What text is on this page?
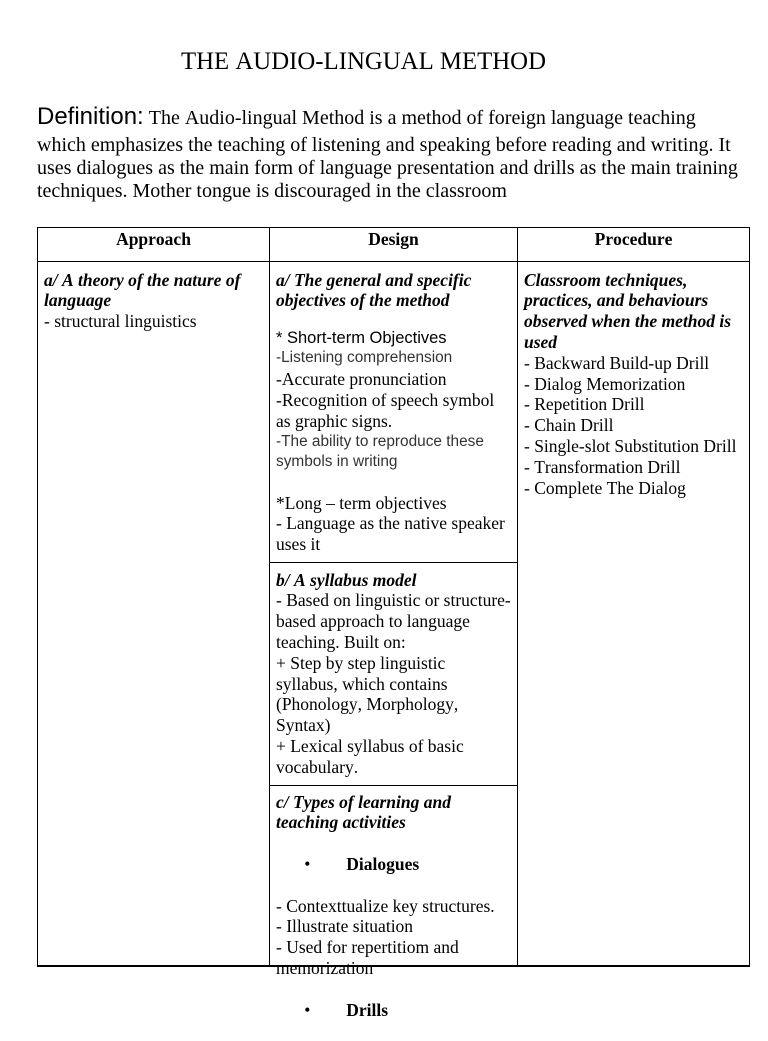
THE AUDIO-LINGUAL METHOD

Definition: The Audio-lingual Method is a method of foreign language teaching
which emphasizes the teaching of listening and speaking before reading and writing. It
uses dialogues as the main form of language presentation and drills as the main training
techniques. Mother tongue is discouraged in the classroom

Approach	Design	Procedure
a/ A theory of the nature of
language
- structural linguistics
a/ The general and specific
objectives of the method
* Short-term Objectives
-Listening comprehension
-Accurate pronunciation
-Recognition of speech symbol
as graphic signs.
-The ability to reproduce these
symbols in writing
*Long – term objectives
- Language as the native speaker
uses it
b/ A syllabus model
- Based on linguistic or structure-
based approach to language
teaching. Built on:
+ Step by step linguistic
syllabus, which contains
(Phonology, Morphology,
Syntax)
+ Lexical syllabus of basic
vocabulary.
c/ Types of learning and
teaching activities

• Dialogues

- Contexttualize key structures.
- Illustrate situation
- Used for repertitiom and
memorization

• Drills

Classroom techniques,
practices, and behaviours
observed when the method is
used
- Backward Build-up Drill
- Dialog Memorization
- Repetition Drill
- Chain Drill
- Single-slot Substitution Drill
- Transformation Drill
- Complete The Dialog
